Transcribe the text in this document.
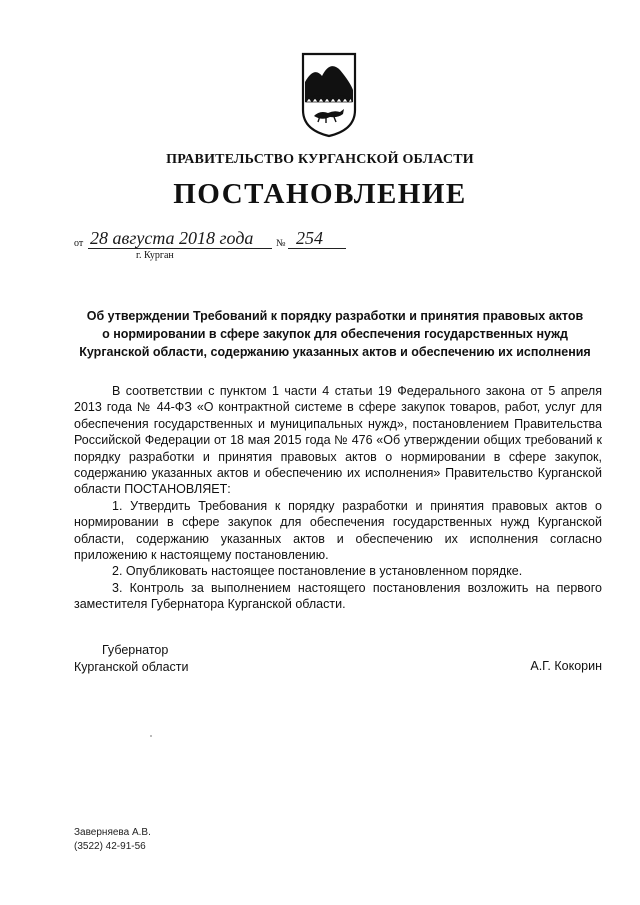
ПРАВИТЕЛЬСТВО КУРГАНСКОЙ ОБЛАСТИ
ПОСТАНОВЛЕНИЕ
от 28 августа 2018 года № 254
г. Курган
Об утверждении Требований к порядку разработки и принятия правовых актов
о нормировании в сфере закупок для обеспечения государственных нужд
Курганской области, содержанию указанных актов и обеспечению их исполнения

В соответствии с пунктом 1 части 4 статьи 19 Федерального закона от 5 апреля 2013 года № 44-ФЗ «О контрактной системе в сфере закупок товаров, работ, услуг для обеспечения государственных и муниципальных нужд», постановлением Правительства Российской Федерации от 18 мая 2015 года № 476 «Об утверждении общих требований к порядку разработки и принятия правовых актов о нормировании в сфере закупок, содержанию указанных актов и обеспечению их исполнения» Правительство Курганской области ПОСТАНОВЛЯЕТ:

1. Утвердить Требования к порядку разработки и принятия правовых актов о нормировании в сфере закупок для обеспечения государственных нужд Курганской области, содержанию указанных актов и обеспечению их исполнения согласно приложению к настоящему постановлению.

2. Опубликовать настоящее постановление в установленном порядке.

3. Контроль за выполнением настоящего постановления возложить на первого заместителя Губернатора Курганской области.

Губернатор
Курганской области	А.Г. Кокорин
Заверняева А.В.
(3522) 42-91-56
